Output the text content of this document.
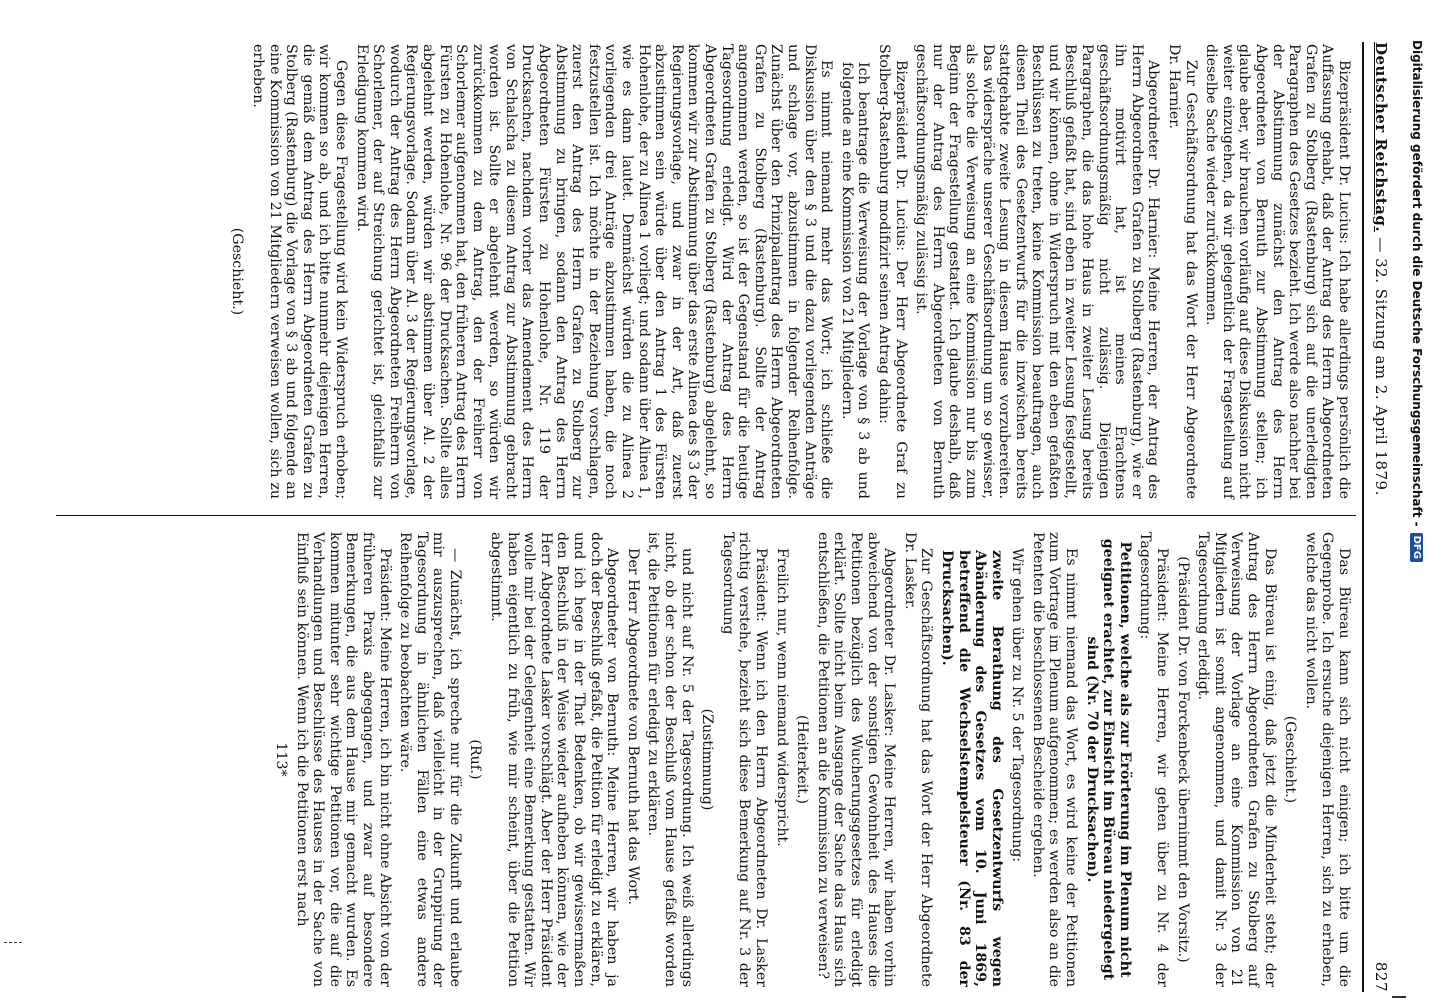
Deutscher Reichstag. — 32. Sitzung am 2. April 1879.
827

Bizepräsident Dr. Lucius: Ich habe allerdings persönlich die Auffassung gehabt, daß der Antrag des Herrn Abgeordneten Grafen zu Stolberg (Rastenburg) sich auf die unerledigten Paragraphen des Gesetzes bezieht. Ich werde also nachher bei der Abstimmung zunächst den Antrag des Herrn Abgeordneten von Bernuth zur Abstimmung stellen; ich glaube aber, wir brauchen vorläufig auf diese Diskussion nicht weiter einzugehen, da wir gelegentlich der Fragestellung auf dieselbe Sache wieder zurückkommen.

Zur Geschäftsordnung hat das Wort der Herr Abgeordnete Dr. Harnier.

Abgeordneter Dr. Harnier: Meine Herren, der Antrag des Herrn Abgeordneten Grafen zu Stolberg (Rastenburg), wie er ihn motivirt hat, ist meines Erachtens geschäftsordnungsmäßig nicht zulässig. Diejenigen Paragraphen, die das hohe Haus in zweiter Lesung bereits Beschluß gefaßt hat, sind eben in zweiter Lesung festgestellt, und wir können, ohne in Widerspruch mit den eben gefaßten Beschlüssen zu treten, keine Kommission beauftragen, auch diesen Theil des Gesetzentwurfs für die inzwischen bereits stattgehabte zweite Lesung in diesem Hause vorzubereiten. Das widerspräche unserer Geschäftsordnung um so gewisser, als solche die Verweisung an eine Kommission nur bis zum Beginn der Fragestellung gestattet. Ich glaube deshalb, daß nur der Antrag des Herrn Abgeordneten von Bernuth geschäftsordnungsmäßig zulässig ist.

Bizepräsident Dr. Lucius: Der Herr Abgeordnete Graf zu Stolberg-Rastenburg modifizirt seinen Antrag dahin:

Ich beantrage die Verweisung der Vorlage von § 3 ab und folgende an eine Kommission von 21 Mitgliedern.

Es nimmt niemand mehr das Wort; ich schließe die Diskussion über den § 3 und die dazu vorliegenden Anträge und schlage vor, abzustimmen in folgender Reihenfolge. Zunächst über den Prinzipalantrag des Herrn Abgeordneten Grafen zu Stolberg (Rastenburg). Sollte der Antrag angenommen werden, so ist der Gegenstand für die heutige Tagesordnung erledigt. Wird der Antrag des Herrn Abgeordneten Grafen zu Stolberg (Rastenburg) abgelehnt, so kommen wir zur Abstimmung über das erste Alinea des § 3 der Regierungsvorlage, und zwar in der Art, daß zuerst abzustimmen sein würde über den Antrag 1 des Fürsten Hohenlohe, der zu Alinea 1 vorliegt; und sodann über Alinea 1, wie es dann lautet. Demnächst würden die zu Alinea 2 vorliegenden drei Anträge abzustimmen haben, die noch festzustellen ist. Ich möchte in der Beziehung vorschlagen, zuerst den Antrag des Herrn Grafen zu Stolberg zur Abstimmung zu bringen, sodann den Antrag des Herrn Abgeordneten Fürsten zu Hohenlohe, Nr. 119 der Drucksachen, nachdem vorher das Amendement des Herrn von Schalscha zu diesem Antrag zur Abstimmung gebracht worden ist. Sollte er abgelehnt werden, so würden wir zurückkommen zu dem Antrag, den der Freiherr von Schorlemer aufgenommen hat, den früheren Antrag des Herrn Fürsten zu Hohenlohe, Nr. 96 der Drucksachen. Sollte alles abgelehnt werden, würden wir abstimmen über Al. 2 der Regierungsvorlage. Sodann über Al. 3 der Regierungsvorlage, wodurch der Antrag des Herrn Abgeordneten Freiherrn von Schorlemer, der auf Streichung gerichtet ist, gleichfalls zur Erledigung kommen wird.

Gegen diese Fragestellung wird kein Widerspruch erhoben; wir kommen so ab, und ich bitte nunmehr diejenigen Herren, die gemäß dem Antrag des Herrn Abgeordneten Grafen zu Stolberg (Rastenburg) die Vorlage von § 3 ab und folgende an eine Kommission von 21 Mitgliedern verweisen wollen, sich zu erheben.

(Geschieht.)

Das Büreau kann sich nicht einigen; ich bitte um die Gegenprobe. Ich ersuche diejenigen Herren, sich zu erheben, welche das nicht wollen.

(Geschieht.)

Das Büreau ist einig, daß jetzt die Minderheit steht; der Antrag des Herrn Abgeordneten Grafen zu Stolberg auf Verweisung der Vorlage an eine Kommission von 21 Mitgliedern ist somit angenommen, und damit Nr. 3 der Tagesordnung erledigt.

(Präsident Dr. von Forckenbeck übernimmt den Vorsitz.)

Präsident: Meine Herren, wir gehen über zu Nr. 4 der Tagesordnung:

Petitionen, welche als zur Erörterung im Plenum nicht geeignet erachtet, zur Einsicht im Büreau niedergelegt sind (Nr. 70 der Drucksachen).

Es nimmt niemand das Wort, es wird keine der Petitionen zum Vortrage im Plenum aufgenommen; es werden also an die Petenten die beschlossenen Bescheide ergehen.

Wir gehen über zu Nr. 5 der Tagesordnung:

zweite Berathung des Gesetzentwurfs wegen Abänderung des Gesetzes vom 10. Juni 1869, betreffend die Wechselstempelsteuer (Nr. 83 der Drucksachen).

Zur Geschäftsordnung hat das Wort der Herr Abgeordnete Dr. Lasker.

Abgeordneter Dr. Lasker: Meine Herren, wir haben vorhin abweichend von der sonstigen Gewohnheit des Hauses die Petitionen bezüglich des Wucherungsgesetzes für erledigt erklärt. Sollte nicht beim Ausgange der Sache das Haus sich entschließen, die Petitionen an die Kommission zu verweisen?

(Heiterkeit.)

Freilich nur, wenn niemand widerspricht.

Präsident: Wenn ich den Herrn Abgeordneten Dr. Lasker richtig verstehe, bezieht sich diese Bemerkung auf Nr. 3 der Tagesordnung

(Zustimmung)

und nicht auf Nr. 5 der Tagesordnung. Ich weiß allerdings nicht, ob der schon der Beschluß vom Hause gefaßt worden ist, die Petitionen für erledigt zu erklären.

Der Herr Abgeordnete von Bernuth hat das Wort.

Abgeordneter von Bernuth: Meine Herren, wir haben ja doch der Beschluß gefaßt, die Petition für erledigt zu erklären, und ich hege in der That Bedenken, ob wir gewissermaßen den Beschluß in der Weise wieder aufheben können, wie der Herr Abgeordnete Lasker vorschlägt. Aber der Herr Präsident wolle mir bei der Gelegenheit eine Bemerkung gestatten. Wir haben eigentlich zu früh, wie mir scheint, über die Petition abgestimmt.

(Ruf.)

— Zunächst, ich spreche nur für die Zukunft und erlaube mir auszusprechen, daß vielleicht in der Gruppirung der Tagesordnung in ähnlichen Fällen eine etwas andere Reihenfolge zu beobachten wäre.

Präsident: Meine Herren, ich bin nicht ohne Absicht von der früheren Praxis abgegangen, und zwar auf besondere Bemerkungen, die aus dem Hause mir gemacht wurden. Es kommen mitunter sehr wichtige Petitionen vor, die auf die Verhandlungen und Beschlüsse des Hauses in der Sache von Einfluß sein können. Wenn ich die Petitionen erst nach

113*

Digitalisierung gefördert durch die Deutsche Forschungsgemeinschaft -
DFG
